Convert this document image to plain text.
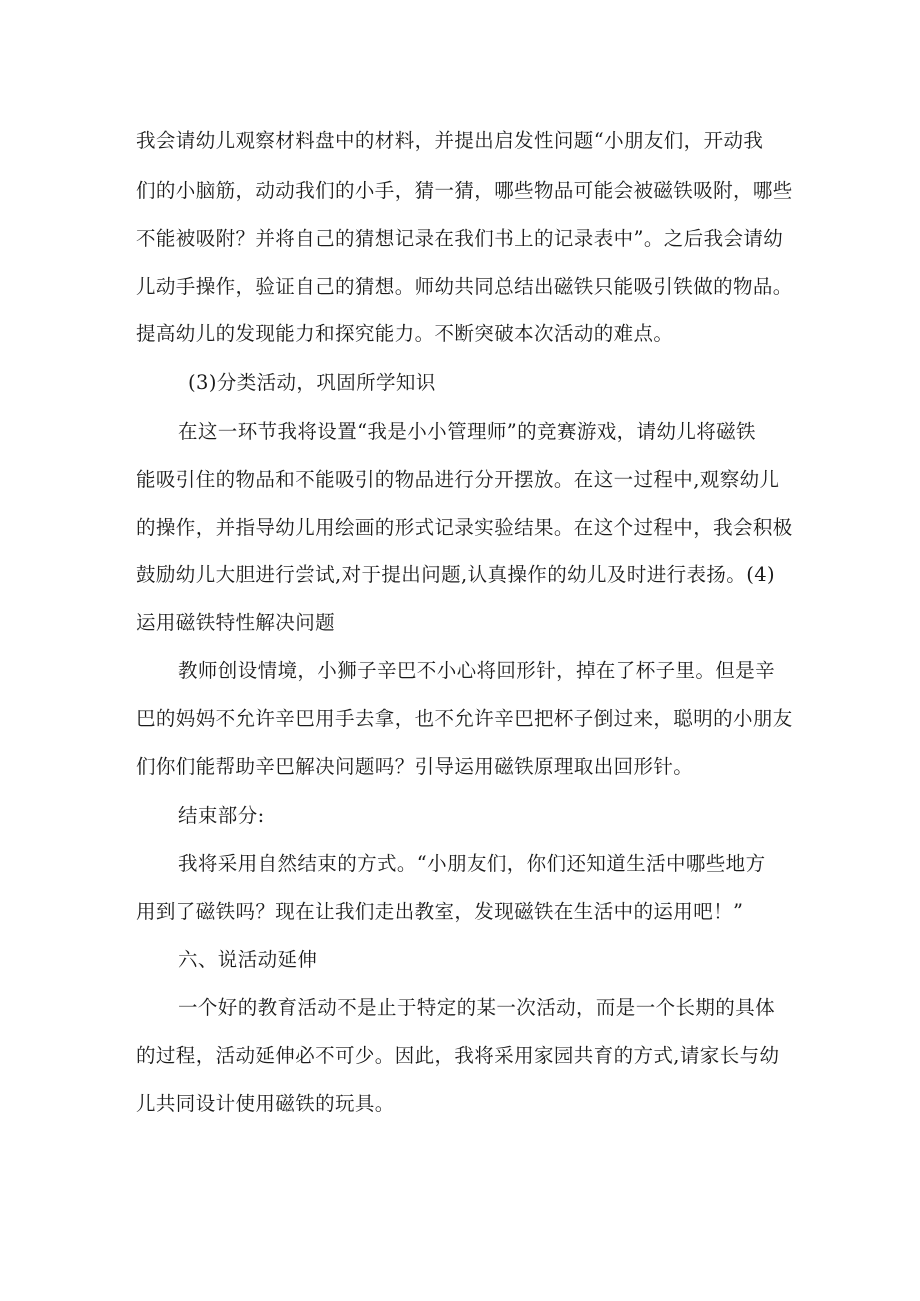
我会请幼儿观察材料盘中的材料，并提出启发性问题“小朋友们，开动我
们的小脑筋，动动我们的小手，猜一猜，哪些物品可能会被磁铁吸附，哪些
不能被吸附？并将自己的猜想记录在我们书上的记录表中”。之后我会请幼
儿动手操作，验证自己的猜想。师幼共同总结出磁铁只能吸引铁做的物品。
提高幼儿的发现能力和探究能力。不断突破本次活动的难点。
(3)分类活动，巩固所学知识
在这一环节我将设置“我是小小管理师”的竞赛游戏，请幼儿将磁铁
能吸引住的物品和不能吸引的物品进行分开摆放。在这一过程中,观察幼儿
的操作，并指导幼儿用绘画的形式记录实验结果。在这个过程中，我会积极
鼓励幼儿大胆进行尝试,对于提出问题,认真操作的幼儿及时进行表扬。(4)
运用磁铁特性解决问题
教师创设情境，小狮子辛巴不小心将回形针，掉在了杯子里。但是辛
巴的妈妈不允许辛巴用手去拿，也不允许辛巴把杯子倒过来，聪明的小朋友
们你们能帮助辛巴解决问题吗？引导运用磁铁原理取出回形针。
结束部分:
我将采用自然结束的方式。“小朋友们，你们还知道生活中哪些地方
用到了磁铁吗？现在让我们走出教室，发现磁铁在生活中的运用吧！”
六、说活动延伸
一个好的教育活动不是止于特定的某一次活动，而是一个长期的具体
的过程，活动延伸必不可少。因此，我将采用家园共育的方式,请家长与幼
儿共同设计使用磁铁的玩具。
